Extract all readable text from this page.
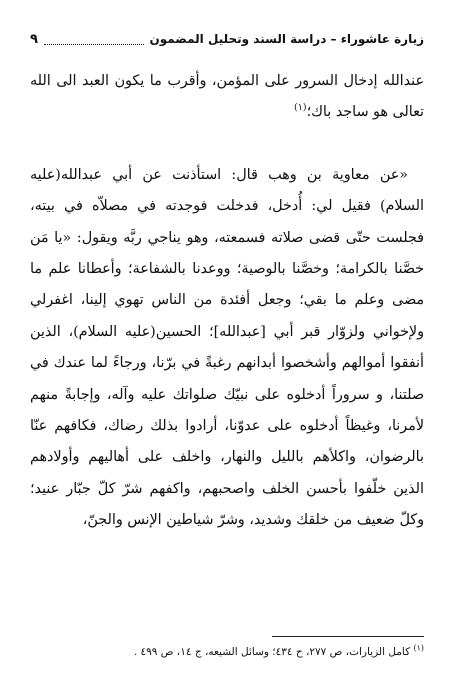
زيارة عاشوراء – دراسة السند وتحليل المضمون
٩

عندالله إدخال السرور على المؤمن، وأقرب ما يكون العبد الى الله تعالى هو ساجد باك؛$^{(١)}$

«عن معاوية بن وهب قال: استأذنت عن أبي عبدالله(عليه السلام) فقيل لي: أُدخل، فدخلت فوجدته في مصلاّه في بيته، فجلست حتّى قضى صلاته فسمعته، وهو يناجي ربَّه ويقول: «يا مَن خصَّنا بالكرامة؛ وخصَّنا بالوصية؛ ووعدنا بالشفاعة؛ وأعطانا علم ما مضى وعلم ما بقي؛ وجعل أفئدة من الناس تهوي إلينا، اغفرلي ولإخواني ولزوّار قبر أبي [عبدالله]؛ الحسين(عليه السلام)، الذين أنفقوا أموالهم وأشخصوا أبدانهم رغبةً في برّنا، ورجاءً لما عندك في صلتنا، و سروراً أدخلوه على نبيّك صلواتك عليه وآله، وإجابةً منهم لأمرنا، وغيظاً أدخلوه على عدوّنا، أرادوا بذلك رضاك، فكافهم عنّا بالرضوان، واكلأهم بالليل والنهار، واخلف على أهاليهم وأولادهم الذين خلّفوا بأحسن الخلف واصحبهم، واكفهم شرّ كلّ جبّار عنيد؛ وكلّ ضعيف من خلقك وشديد، وشرّ شياطين الإنس والجنّ،

$^{(١)}$ كامل الزيارات، ص ٢٧٧، ح ٤٣٤؛ وسائل الشيعه، ج ١٤، ص ٤٩٩ .
